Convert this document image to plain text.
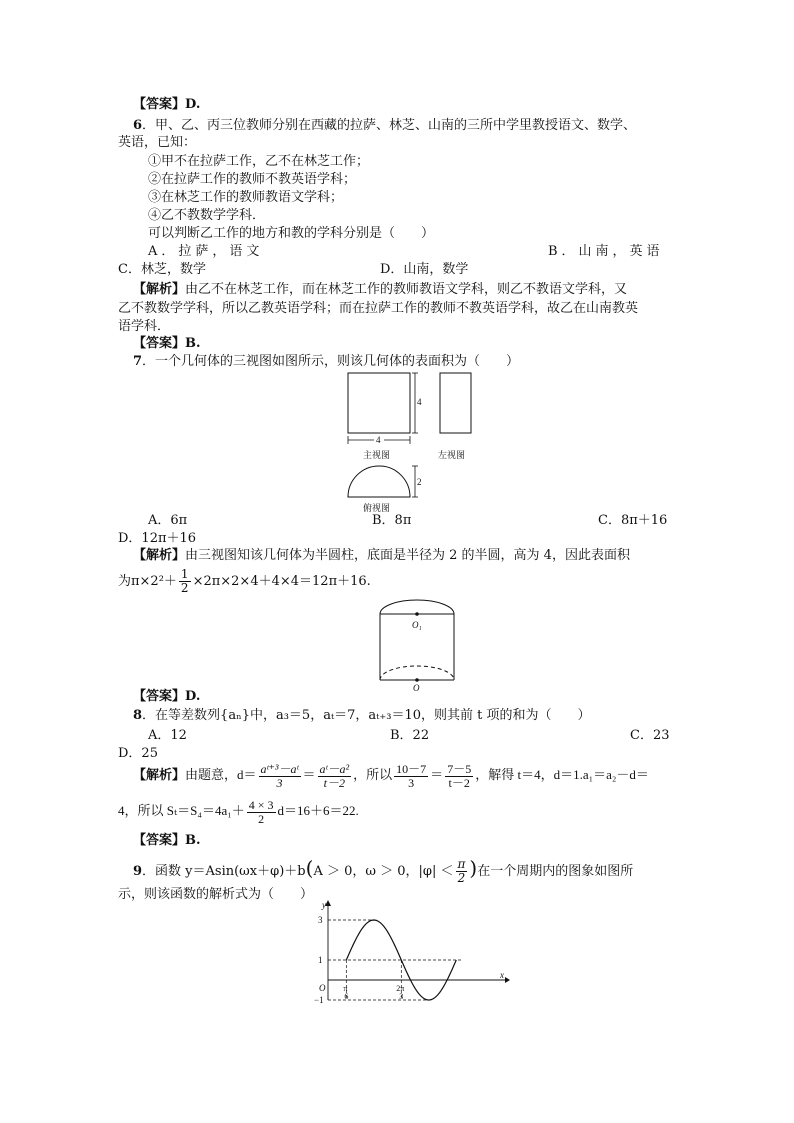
【答案】D.
6．甲、乙、丙三位教师分别在西藏的拉萨、林芝、山南的三所中学里教授语文、数学、
英语，已知：
①甲不在拉萨工作，乙不在林芝工作；
②在拉萨工作的教师不教英语学科；
③在林芝工作的教师教语文学科；
④乙不教数学学科．
可以判断乙工作的地方和教的学科分别是（　　）
A．拉萨，语文	B．山南，英语
C．林芝，数学	D．山南，数学
【解析】由乙不在林芝工作，而在林芝工作的教师教语文学科，则乙不教语文学科，又
乙不教数学学科，所以乙教英语学科；而在拉萨工作的教师不教英语学科，故乙在山南教英
语学科．
【答案】B.
7．一个几何体的三视图如图所示，则该几何体的表面积为（　　）
4
4
主视图	左视图
2
俯视图
A．6π	B．8π	C．8π＋16
D．12π＋16
【解析】由三视图知该几何体为半圆柱，底面是半径为 2 的半圆，高为 4，因此表面积
为$\pi\times 2^2+ \frac{1}{2} \times 2\pi\times 2\times 4+4\times 4=12\pi+16$.
O₁
O
【答案】D.
8．在等差数列{aₙ}中，a₃＝5，aₜ＝7，aₜ₊₃＝10，则其前 t 项的和为（　　）
A．12	B．22	C．23
D．25
【解析】由题意，$d= \frac{\text{aᵗ⁺³－aᵗ}}{3} = \frac{\text{aᵗ－a²}}{t-2}$ ，所以 $\frac{10-7}{3} = \frac{7-5}{t-2}$ ，解得 t＝4，d＝1.a₁＝a₂－d＝
4，所以 $S_t=S_4=4a_1+ \frac{4 \times 3}{2} d=16+6=22$.
【答案】B.
9．函数 y＝Asin(ωx＋φ)＋b(A ＞ 0，ω ＞ 0，$|\varphi| < \frac{\pi}{2}$ )在一个周期内的图象如图所
示，则该函数的解析式为（　　）
y
x
O
3
1
−1
π
6
2π
3
